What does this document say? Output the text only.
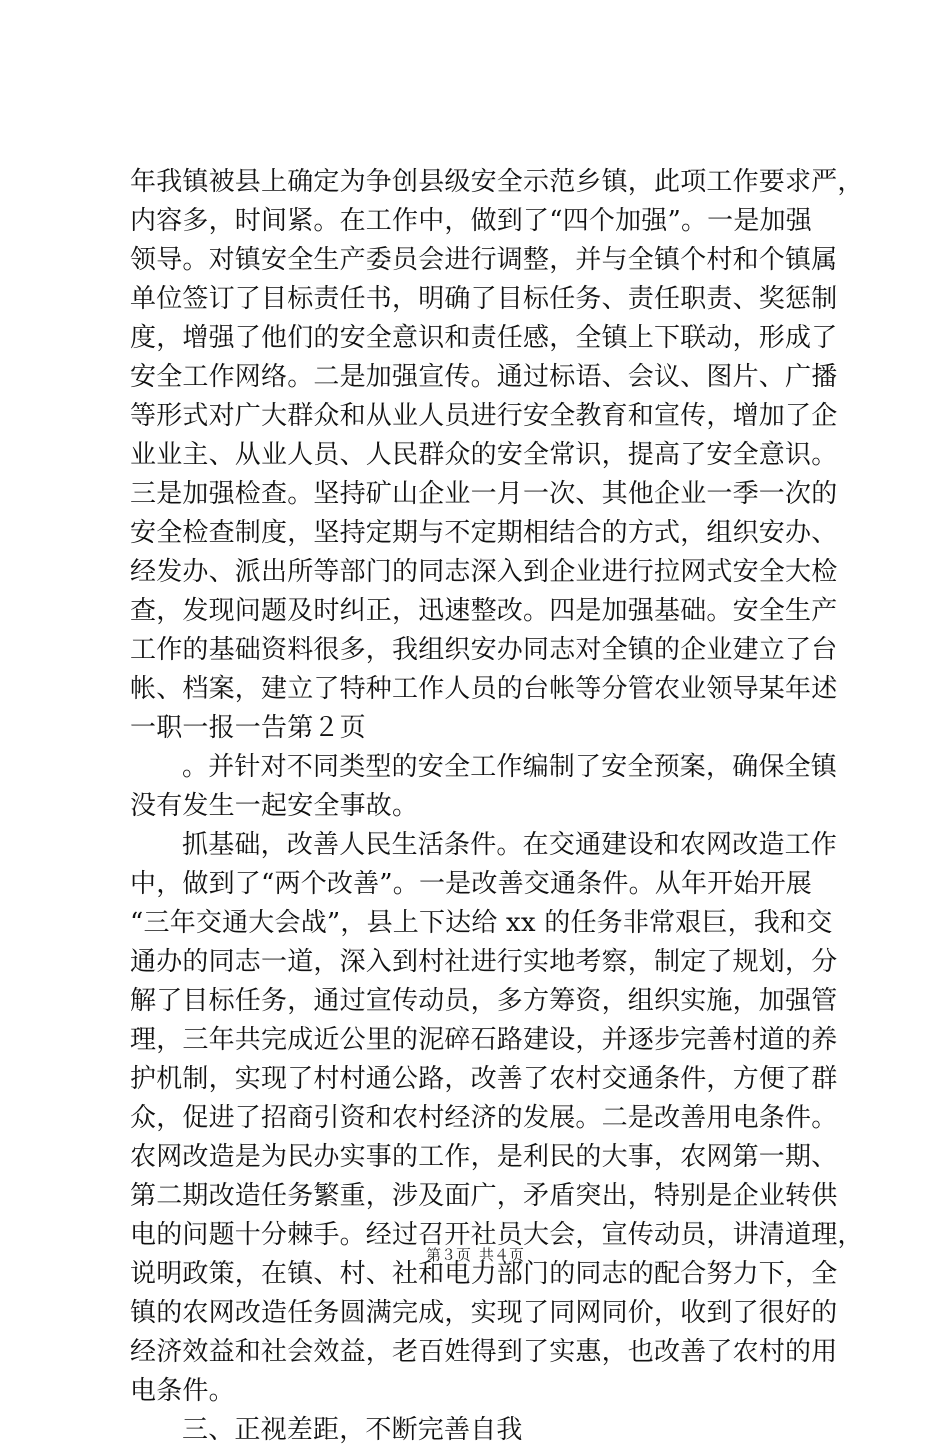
年我镇被县上确定为争创县级安全示范乡镇，此项工作要求严，
内容多，时间紧。在工作中，做到了“四个加强”。一是加强
领导。对镇安全生产委员会进行调整，并与全镇个村和个镇属
单位签订了目标责任书，明确了目标任务、责任职责、奖惩制
度，增强了他们的安全意识和责任感，全镇上下联动，形成了
安全工作网络。二是加强宣传。通过标语、会议、图片、广播
等形式对广大群众和从业人员进行安全教育和宣传，增加了企
业业主、从业人员、人民群众的安全常识，提高了安全意识。
三是加强检查。坚持矿山企业一月一次、其他企业一季一次的
安全检查制度，坚持定期与不定期相结合的方式，组织安办、
经发办、派出所等部门的同志深入到企业进行拉网式安全大检
查，发现问题及时纠正，迅速整改。四是加强基础。安全生产
工作的基础资料很多，我组织安办同志对全镇的企业建立了台
帐、档案，建立了特种工作人员的台帐等分管农业领导某年述
一职一报一告第２页
。并针对不同类型的安全工作编制了安全预案，确保全镇
没有发生一起安全事故。
抓基础，改善人民生活条件。在交通建设和农网改造工作
中，做到了“两个改善”。一是改善交通条件。从年开始开展
“三年交通大会战”，县上下达给 xx 的任务非常艰巨，我和交
通办的同志一道，深入到村社进行实地考察，制定了规划，分
解了目标任务，通过宣传动员，多方筹资，组织实施，加强管
理，三年共完成近公里的泥碎石路建设，并逐步完善村道的养
护机制，实现了村村通公路，改善了农村交通条件，方便了群
众，促进了招商引资和农村经济的发展。二是改善用电条件。
农网改造是为民办实事的工作，是利民的大事，农网第一期、
第二期改造任务繁重，涉及面广，矛盾突出，特别是企业转供
电的问题十分棘手。经过召开社员大会，宣传动员，讲清道理，
说明政策，在镇、村、社和电力部门的同志的配合努力下，全
镇的农网改造任务圆满完成，实现了同网同价，收到了很好的
经济效益和社会效益，老百姓得到了实惠，也改善了农村的用
电条件。
三、正视差距，不断完善自我
第３页 共４页
